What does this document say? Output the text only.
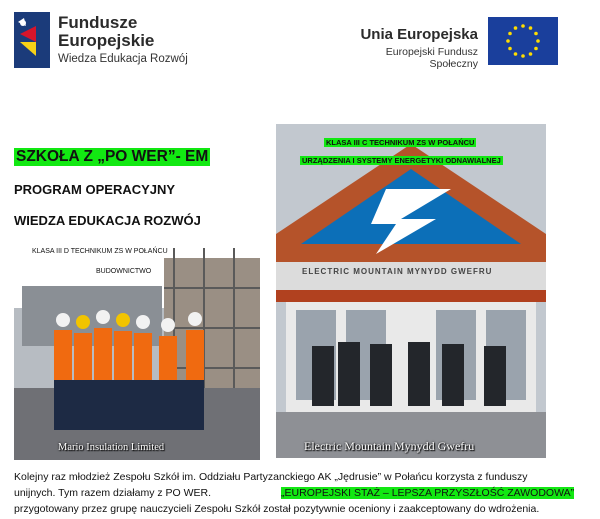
Fundusze
Europejskie
Wiedza Edukacja Rozwój
Unia Europejska
Europejski Fundusz Społeczny
SZKOŁA Z „PO WER”- EM
PROGRAM OPERACYJNY
WIEDZA EDUKACJA ROZWÓJ
KLASA III D TECHNIKUM ZS W POŁAŃCU
BUDOWNICTWO
Mario Insulation Limited
KLASA III C TECHNIKUM ZS W POŁAŃCU
URZĄDZENIA I SYSTEMY ENERGETYKI ODNAWIALNEJ
ELECTRIC MOUNTAIN MYNYDD GWEFRU
Electric Mountain Mynydd Gwefru
Kolejny raz młodzież Zespołu Szkół im. Oddziału Partyzanckiego AK „Jędrusie” w Połańcu korzysta z funduszy
unijnych. Tym razem działamy z PO WER.	„EUROPEJSKI STAŻ – LEPSZA PRZYSZŁOŚĆ ZAWODOWA”
przygotowany przez grupę nauczycieli Zespołu Szkół został pozytywnie oceniony i zaakceptowany do wdrożenia.
